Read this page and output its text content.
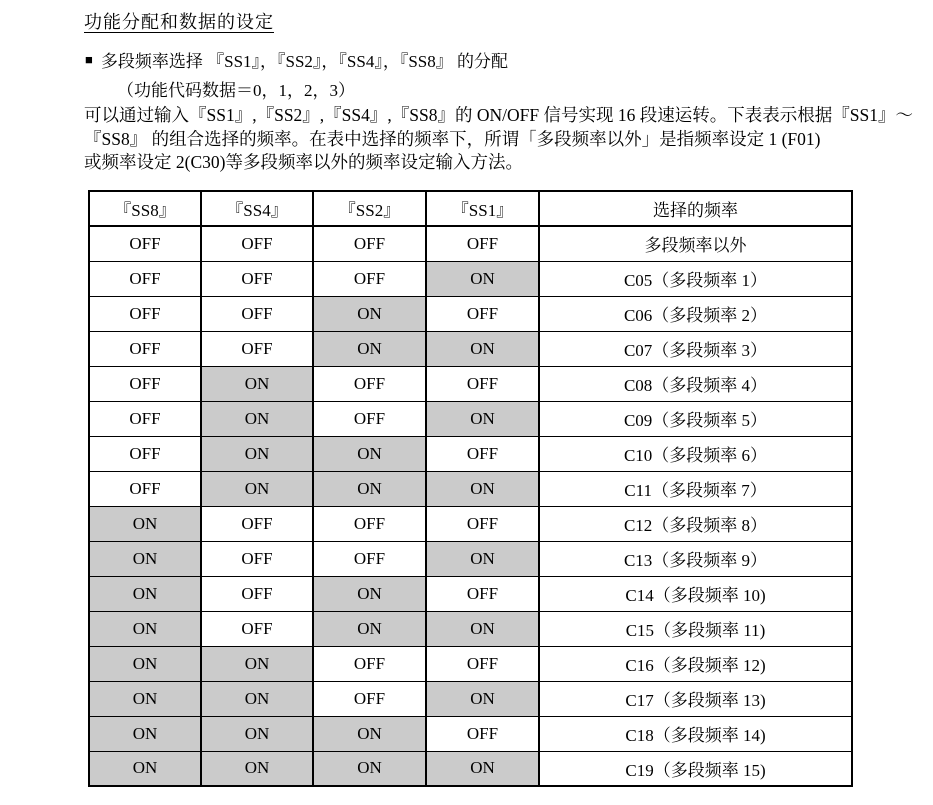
功能分配和数据的设定
■ 多段频率选择 『SS1』，『SS2』，『SS4』，『SS8』 的分配
（功能代码数据＝0，1，2，3）
可以通过输入『SS1』,『SS2』,『SS4』,『SS8』的 ON/OFF 信号实现 16 段速运转。下表表示根据『SS1』～
『SS8』 的组合选择的频率。在表中选择的频率下，所谓「多段频率以外」是指频率设定 1 (F01)
或频率设定 2(C30)等多段频率以外的频率设定输入方法。
『SS8』	『SS4』	『SS2』	『SS1』	选择的频率
OFF	OFF	OFF	OFF	多段频率以外
OFF	OFF	OFF	ON	C05（多段频率 1）
OFF	OFF	ON	OFF	C06（多段频率 2）
OFF	OFF	ON	ON	C07（多段频率 3）
OFF	ON	OFF	OFF	C08（多段频率 4）
OFF	ON	OFF	ON	C09（多段频率 5）
OFF	ON	ON	OFF	C10（多段频率 6）
OFF	ON	ON	ON	C11（多段频率 7）
ON	OFF	OFF	OFF	C12（多段频率 8）
ON	OFF	OFF	ON	C13（多段频率 9）
ON	OFF	ON	OFF	C14（多段频率 10)
ON	OFF	ON	ON	C15（多段频率 11)
ON	ON	OFF	OFF	C16（多段频率 12)
ON	ON	OFF	ON	C17（多段频率 13)
ON	ON	ON	OFF	C18（多段频率 14)
ON	ON	ON	ON	C19（多段频率 15)
